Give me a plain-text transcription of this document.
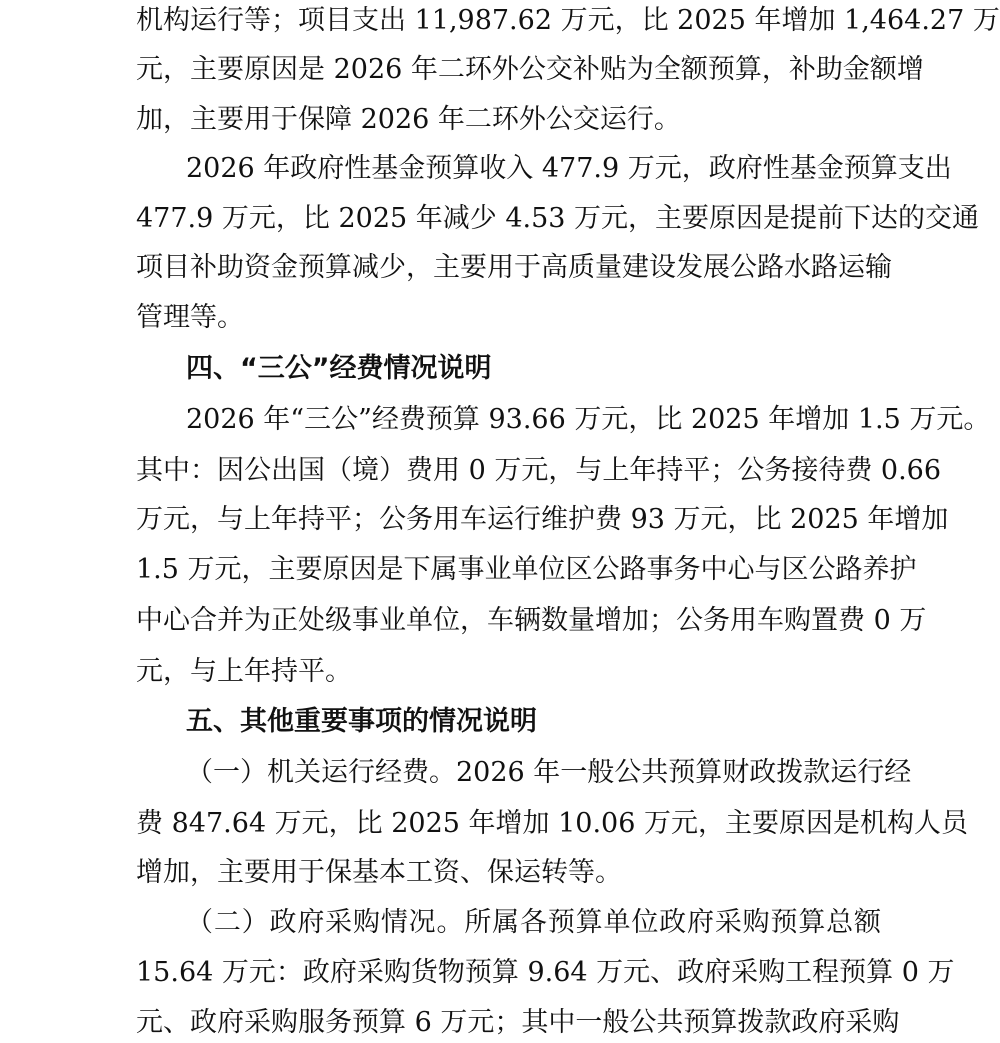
机构运行等；项目支出 11,987.62 万元，比 2025 年增加 1,464.27 万
元，主要原因是 2026 年二环外公交补贴为全额预算，补助金额增
加，主要用于保障 2026 年二环外公交运行。
2026 年政府性基金预算收入 477.9 万元，政府性基金预算支出
477.9 万元，比 2025 年减少 4.53 万元，主要原因是提前下达的交通
项目补助资金预算减少，主要用于高质量建设发展公路水路运输
管理等。
四、“三公”经费情况说明
2026 年“三公”经费预算 93.66 万元，比 2025 年增加 1.5 万元。
其中：因公出国（境）费用 0 万元，与上年持平；公务接待费 0.66
万元，与上年持平；公务用车运行维护费 93 万元，比 2025 年增加
1.5 万元，主要原因是下属事业单位区公路事务中心与区公路养护
中心合并为正处级事业单位，车辆数量增加；公务用车购置费 0 万
元，与上年持平。
五、其他重要事项的情况说明
（一）机关运行经费。2026 年一般公共预算财政拨款运行经
费 847.64 万元，比 2025 年增加 10.06 万元，主要原因是机构人员
增加，主要用于保基本工资、保运转等。
（二）政府采购情况。所属各预算单位政府采购预算总额
15.64 万元：政府采购货物预算 9.64 万元、政府采购工程预算 0 万
元、政府采购服务预算 6 万元；其中一般公共预算拨款政府采购
